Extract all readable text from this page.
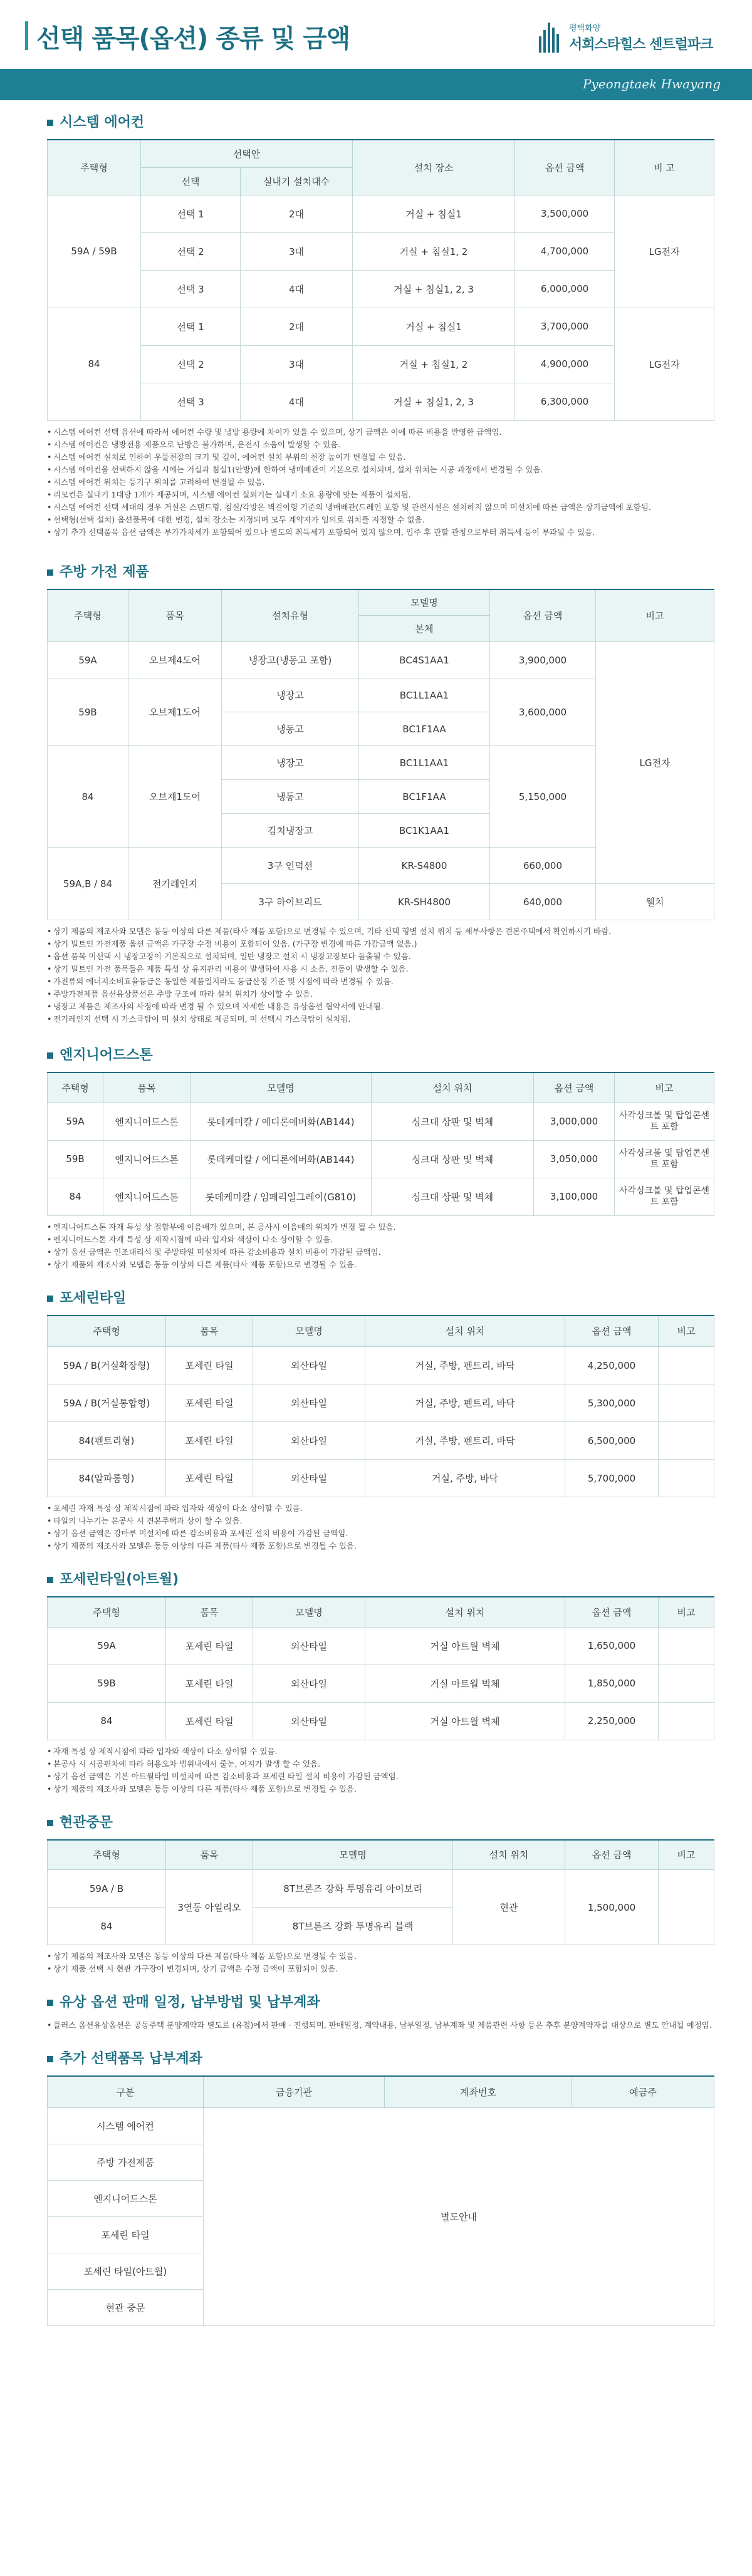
선택 품목(옵션) 종류 및 금액	평택화양
서희스타힐스 센트럴파크
Pyeongtaek Hwayang
시스템 에어컨
주택형	선택안		설치 장소	옵션 금액	비 고
	선택	실내기 설치대수			
59A / 59B	선택 1	2대	거실 + 침실1	3,500,000	LG전자
	선택 2	3대	거실 + 침실1, 2	4,700,000	
	선택 3	4대	거실 + 침실1, 2, 3	6,000,000	
84	선택 1	2대	거실 + 침실1	3,700,000	LG전자
	선택 2	3대	거실 + 침실1, 2	4,900,000	
	선택 3	4대	거실 + 침실1, 2, 3	6,300,000	
• 시스템 에어컨 선택 옵션에 따라서 에어컨 수량 및 냉방 용량에 차이가 있을 수 있으며, 상기 금액은 이에 따른 비용을 반영한 금액임.
• 시스템 에어컨은 냉방전용 제품으로 난방은 불가하며, 운전시 소음이 발생할 수 있음.
• 시스템 에어컨 설치로 인하여 우물천장의 크기 및 깊이, 에어컨 설치 부위의 천장 높이가 변경될 수 있음.
• 시스템 에어컨을 선택하지 않을 시에는 거실과 침실1(안방)에 한하여 냉매배관이 기본으로 설치되며, 설치 위치는 시공 과정에서 변경될 수 있음.
• 시스템 에어컨 위치는 등기구 위치를 고려하여 변경될 수 있음.
• 리모컨은 실내기 1대당 1개가 제공되며, 시스템 에어컨 실외기는 실내기 소요 용량에 맞는 제품이 설치됨.
• 시스템 에어컨 선택 세대의 경우 거실은 스탠드형, 침실/각방은 벽걸이형 기준의 냉매배관(드레인 포함 및 관련시설은 설치하지 않으며 미설치에 따른 금액은 상기금액에 포함됨.
• 선택형(선택 설치) 옵션품목에 대한 변경, 설치 장소는 지정되며 모두 계약자가 임의로 위치를 지정할 수 없음.
• 상기 추가 선택품목 옵션 금액은 부가가치세가 포함되어 있으나 별도의 취득세가 포함되어 있지 않으며, 입주 후 관할 관청으로부터 취득세 등이 부과될 수 있음.
주방 가전 제품
주택형	품목	설치유형	모델명	옵션 금액	비고
			본체		
59A	오브제4도어	냉장고(냉동고 포함)	BC4S1AA1	3,900,000	LG전자
59B	오브제1도어	냉장고	BC1L1AA1	3,600,000	
		냉동고	BC1F1AA		
84	오브제1도어	냉장고	BC1L1AA1	5,150,000	
		냉동고	BC1F1AA		
		김치냉장고	BC1K1AA1		
59A,B / 84	전기레인지	3구 인덕션	KR-S4800	660,000
		3구 하이브리드	KR-SH4800	640,000	웰치
• 상기 제품의 제조사와 모델은 동등 이상의 다른 제품(타사 제품 포함)으로 변경될 수 있으며, 기타 선택 형별 설치 위치 등 세부사항은 견본주택에서 확인하시기 바람.
• 상기 빌트인 가전제품 옵션 금액은 가구장 수정 비용이 포함되어 있음. (가구장 변경에 따른 가감금액 없음.)
• 옵션 품목 미선택 시 냉장고장이 기본적으로 설치되며, 일반 냉장고 설치 시 냉장고장보다 돌출될 수 있음.
• 상기 빌트인 가전 품목들은 제품 특성 상 유지관리 비용이 발생하여 사용 시 소음, 진동이 발생할 수 있음.
• 가전류의 에너지소비효율등급은 동일한 제품일지라도 등급산정 기준 및 시점에 따라 변경될 수 있음.
• 주방가전제품 옵션유상품선은 주방 구조에 따라 설치 위치가 상이할 수 있음.
• 냉장고 제품은 제조사의 사정에 따라 변경 될 수 있으며 자세한 내용은 유상옵션 협약서에 안내됨.
• 전기레인지 선택 시 가스쿡탑이 미 설치 상태로 제공되며, 미 선택시 가스쿡탑이 설치됨.
엔지니어드스톤
주택형	품목	모델명	설치 위치	옵션 금액	비고
59A	엔지니어드스톤	롯데케미칼 / 에디론에버화(AB144)	싱크대 상판 및 벽체	3,000,000	사각싱크볼 및 탑업콘센트 포함
59B	엔지니어드스톤	롯데케미칼 / 에디론에버화(AB144)	싱크대 상판 및 벽체	3,050,000	사각싱크볼 및 탑업콘센트 포함
84	엔지니어드스톤	롯데케미칼 / 임페리얼그레이(G810)	싱크대 상판 및 벽체	3,100,000	사각싱크볼 및 탑업콘센트 포함
• 엔지니어드스톤 자재 특성 상 접합부에 이음매가 있으며, 본 공사시 이음매의 위치가 변경 될 수 있음.
• 엔지니어드스톤 자재 특성 상 제작시점에 따라 입자와 색상이 다소 상이할 수 있음.
• 상기 옵션 금액은 인조대리석 및 주방타일 미설치에 따른 감소비용과 설치 비용이 가감된 금액임.
• 상기 제품의 제조사와 모델은 동등 이상의 다른 제품(타사 제품 포함)으로 변경될 수 있음.
포세린타일
주택형	품목	모델명	설치 위치	옵션 금액	비고
59A / B(거실확장형)	포세린 타일	외산타일	거실, 주방, 펜트리, 바닥	4,250,000	
59A / B(거실통합형)	포세린 타일	외산타일	거실, 주방, 펜트리, 바닥	5,300,000	
84(펜트리형)	포세린 타일	외산타일	거실, 주방, 펜트리, 바닥	6,500,000	
84(알파룸형)	포세린 타일	외산타일	거실, 주방, 바닥	5,700,000	
• 포세린 자재 특성 상 제작시점에 따라 입자와 색상이 다소 상이할 수 있음.
• 타일의 나누기는 본공사 시 견본주택과 상이 할 수 있음.
• 상기 옵션 금액은 강마루 미설치에 따른 감소비용과 포세린 설치 비용이 가감된 금액임.
• 상기 제품의 제조사와 모델은 동등 이상의 다른 제품(타사 제품 포함)으로 변경될 수 있음.
포세린타일(아트월)
주택형	품목	모델명	설치 위치	옵션 금액	비고
59A	포세린 타일	외산타일	거실 아트월 벽체	1,650,000	
59B	포세린 타일	외산타일	거실 아트월 벽체	1,850,000	
84	포세린 타일	외산타일	거실 아트월 벽체	2,250,000	
• 자재 특성 상 제작시점에 따라 입자와 색상이 다소 상이할 수 있음.
• 본공사 시 시공편차에 따라 허용오차 범위내에서 줄눈, 여지가 발생 할 수 있음.
• 상기 옵션 금액은 기본 아트월타일 미설치에 따른 감소비용과 포세린 타일 설치 비용이 가감된 금액임.
• 상기 제품의 제조사와 모델은 동등 이상의 다른 제품(타사 제품 포함)으로 변경될 수 있음.
현관중문
주택형	품목	모델명	설치 위치	옵션 금액	비고
59A / B	3연동 아일리오	8T브론즈 강화 투명유리 아이보리	현관	1,500,000	
84		8T브론즈 강화 투명유리 블랙			
• 상기 제품의 제조사와 모델은 동등 이상의 다른 제품(타사 제품 포함)으로 변경될 수 있음.
• 상기 제품 선택 시 현관 가구장이 변경되며, 상기 금액은 수정 금액이 포함되어 있음.
유상 옵션 판매 일정, 납부방법 및 납부계좌
• 플러스 옵션유상옵션은 공동주택 분양계약과 별도로 (유첨)에서 판매 · 진행되며, 판매일정, 계약내용, 납부일정, 납부계좌 및 제품관련 사항 등은 추후 분양계약자를 대상으로 별도 안내될 예정임.
추가 선택품목 납부계좌
구분	금융기관	계좌번호	예금주
시스템 에어컨	별도안내		
주방 가전제품			
엔지니어드스톤			
포세린 타일			
포세린 타일(아트월)			
현관 중문			
